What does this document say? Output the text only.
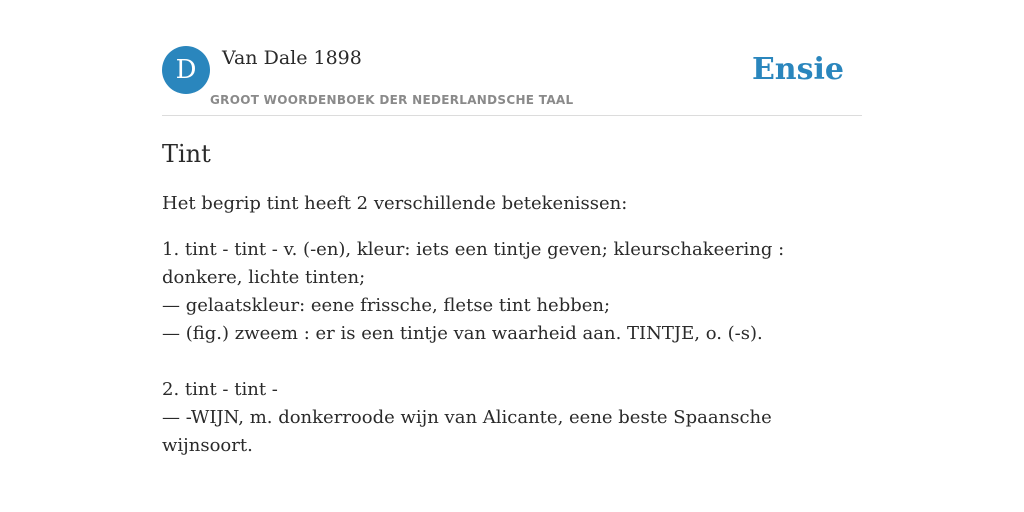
D	Van Dale 1898
GROOT WOORDENBOEK DER NEDERLANDSCHE TAAL
Ensie
Tint

Het begrip tint heeft 2 verschillende betekenissen:

1. tint - tint - v. (-en), kleur: iets een tintje geven; kleurschakeering : donkere, lichte tinten;
— gelaatskleur: eene frissche, fletse tint hebben;
— (fig.) zweem : er is een tintje van waarheid aan. TINTJE, o. (-s).
2. tint - tint -
— -WIJN, m. donkerroode wijn van Alicante, eene beste Spaansche wijnsoort.
